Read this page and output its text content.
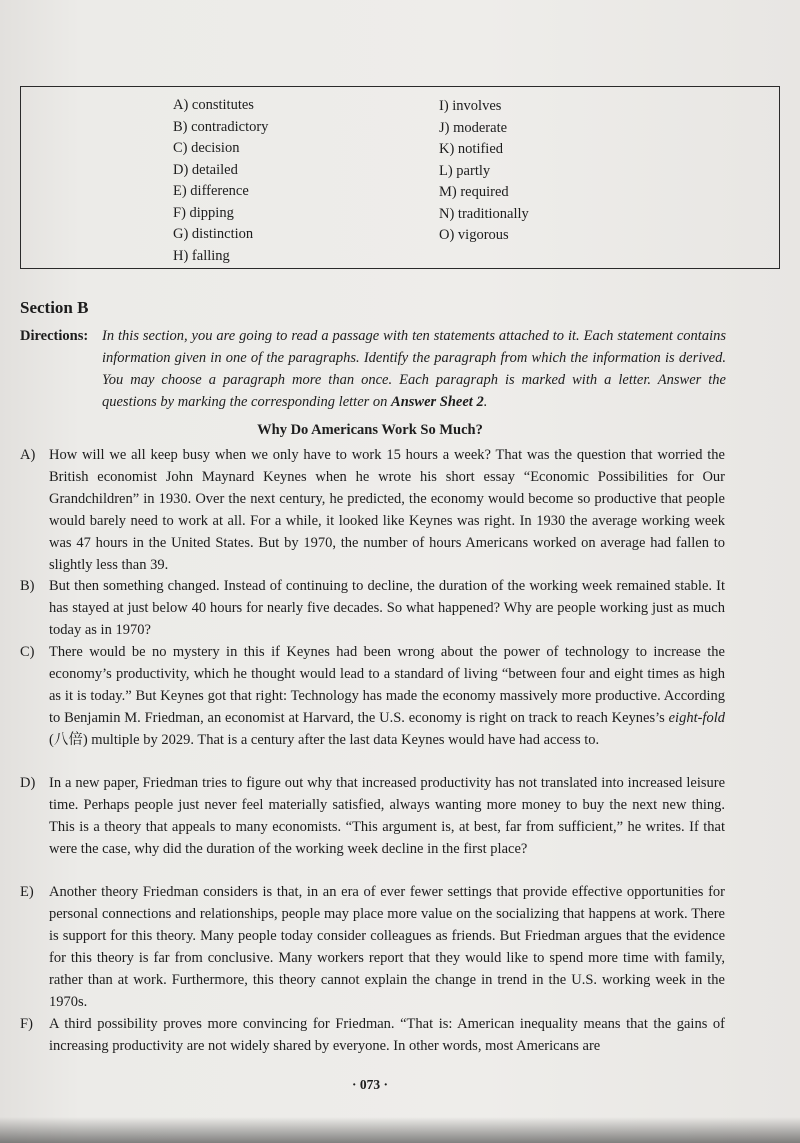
A) constitutes
B) contradictory
C) decision
D) detailed
E) difference
F) dipping
G) distinction
H) falling
I) involves
J) moderate
K) notified
L) partly
M) required
N) traditionally
O) vigorous
Section B
Directions: In this section, you are going to read a passage with ten statements attached to it. Each statement contains information given in one of the paragraphs. Identify the paragraph from which the information is derived. You may choose a paragraph more than once. Each paragraph is marked with a letter. Answer the questions by marking the corresponding letter on Answer Sheet 2.
Why Do Americans Work So Much?
A) How will we all keep busy when we only have to work 15 hours a week? That was the question that worried the British economist John Maynard Keynes when he wrote his short essay “Economic Possibilities for Our Grandchildren” in 1930. Over the next century, he predicted, the economy would become so productive that people would barely need to work at all. For a while, it looked like Keynes was right. In 1930 the average working week was 47 hours in the United States. But by 1970, the number of hours Americans worked on average had fallen to slightly less than 39.
B) But then something changed. Instead of continuing to decline, the duration of the working week remained stable. It has stayed at just below 40 hours for nearly five decades. So what happened? Why are people working just as much today as in 1970?
C) There would be no mystery in this if Keynes had been wrong about the power of technology to increase the economy’s productivity, which he thought would lead to a standard of living “between four and eight times as high as it is today.” But Keynes got that right: Technology has made the economy massively more productive. According to Benjamin M. Friedman, an economist at Harvard, the U.S. economy is right on track to reach Keynes’s eight-fold (八倍) multiple by 2029. That is a century after the last data Keynes would have had access to.
D) In a new paper, Friedman tries to figure out why that increased productivity has not translated into increased leisure time. Perhaps people just never feel materially satisfied, always wanting more money to buy the next new thing. This is a theory that appeals to many economists. “This argument is, at best, far from sufficient,” he writes. If that were the case, why did the duration of the working week decline in the first place?
E) Another theory Friedman considers is that, in an era of ever fewer settings that provide effective opportunities for personal connections and relationships, people may place more value on the socializing that happens at work. There is support for this theory. Many people today consider colleagues as friends. But Friedman argues that the evidence for this theory is far from conclusive. Many workers report that they would like to spend more time with family, rather than at work. Furthermore, this theory cannot explain the change in trend in the U.S. working week in the 1970s.
F) A third possibility proves more convincing for Friedman. “That is: American inequality means that the gains of increasing productivity are not widely shared by everyone. In other words, most Americans are
· 073 ·
